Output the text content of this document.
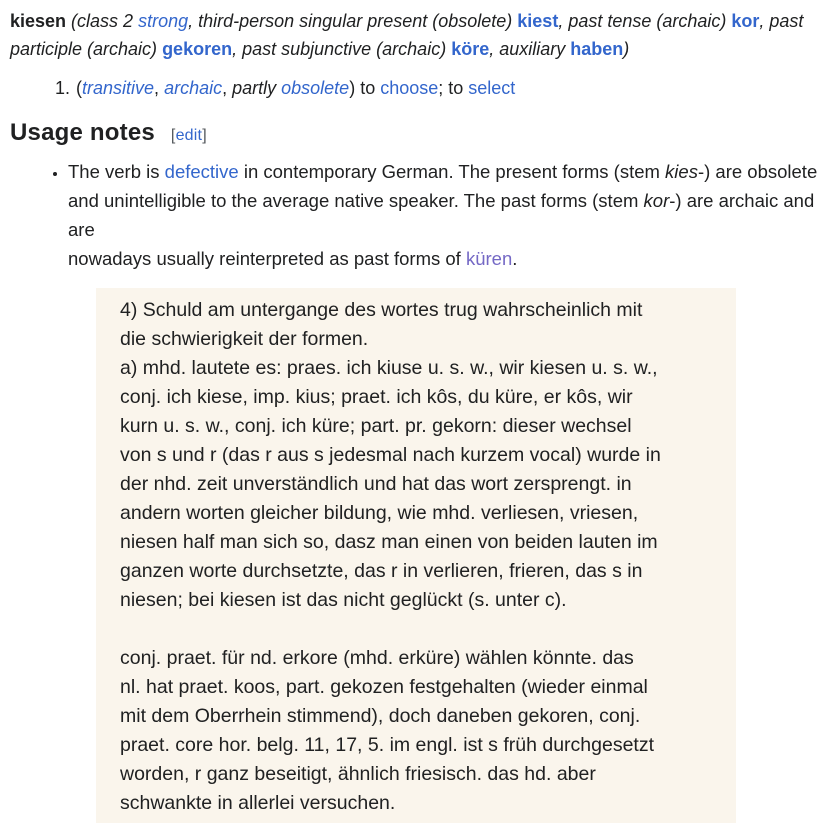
kiesen (class 2 strong, third-person singular present (obsolete) kiest, past tense (archaic) kor, past
participle (archaic) gekoren, past subjunctive (archaic) köre, auxiliary haben)

1. (transitive, archaic, partly obsolete) to choose; to select
Usage notes [edit]
• The verb is defective in contemporary German. The present forms (stem kies-) are obsolete
and unintelligible to the average native speaker. The past forms (stem kor-) are archaic and are
nowadays usually reinterpreted as past forms of küren.
4) Schuld am untergange des wortes trug wahrscheinlich mit
die schwierigkeit der formen.
a) mhd. lautete es: praes. ich kiuse u. s. w., wir kiesen u. s. w.,
conj. ich kiese, imp. kius; praet. ich kôs, du küre, er kôs, wir
kurn u. s. w., conj. ich küre; part. pr. gekorn: dieser wechsel
von s und r (das r aus s jedesmal nach kurzem vocal) wurde in
der nhd. zeit unverständlich und hat das wort zersprengt. in
andern worten gleicher bildung, wie mhd. verliesen, vriesen,
niesen half man sich so, dasz man einen von beiden lauten im
ganzen worte durchsetzte, das r in verlieren, frieren, das s in
niesen; bei kiesen ist das nicht geglückt (s. unter c).
conj. praet. für nd. erkore (mhd. erküre) wählen könnte. das
nl. hat praet. koos, part. gekozen festgehalten (wieder einmal
mit dem Oberrhein stimmend), doch daneben gekoren, conj.
praet. core hor. belg. 11, 17, 5. im engl. ist s früh durchgesetzt
worden, r ganz beseitigt, ähnlich friesisch. das hd. aber
schwankte in allerlei versuchen.
